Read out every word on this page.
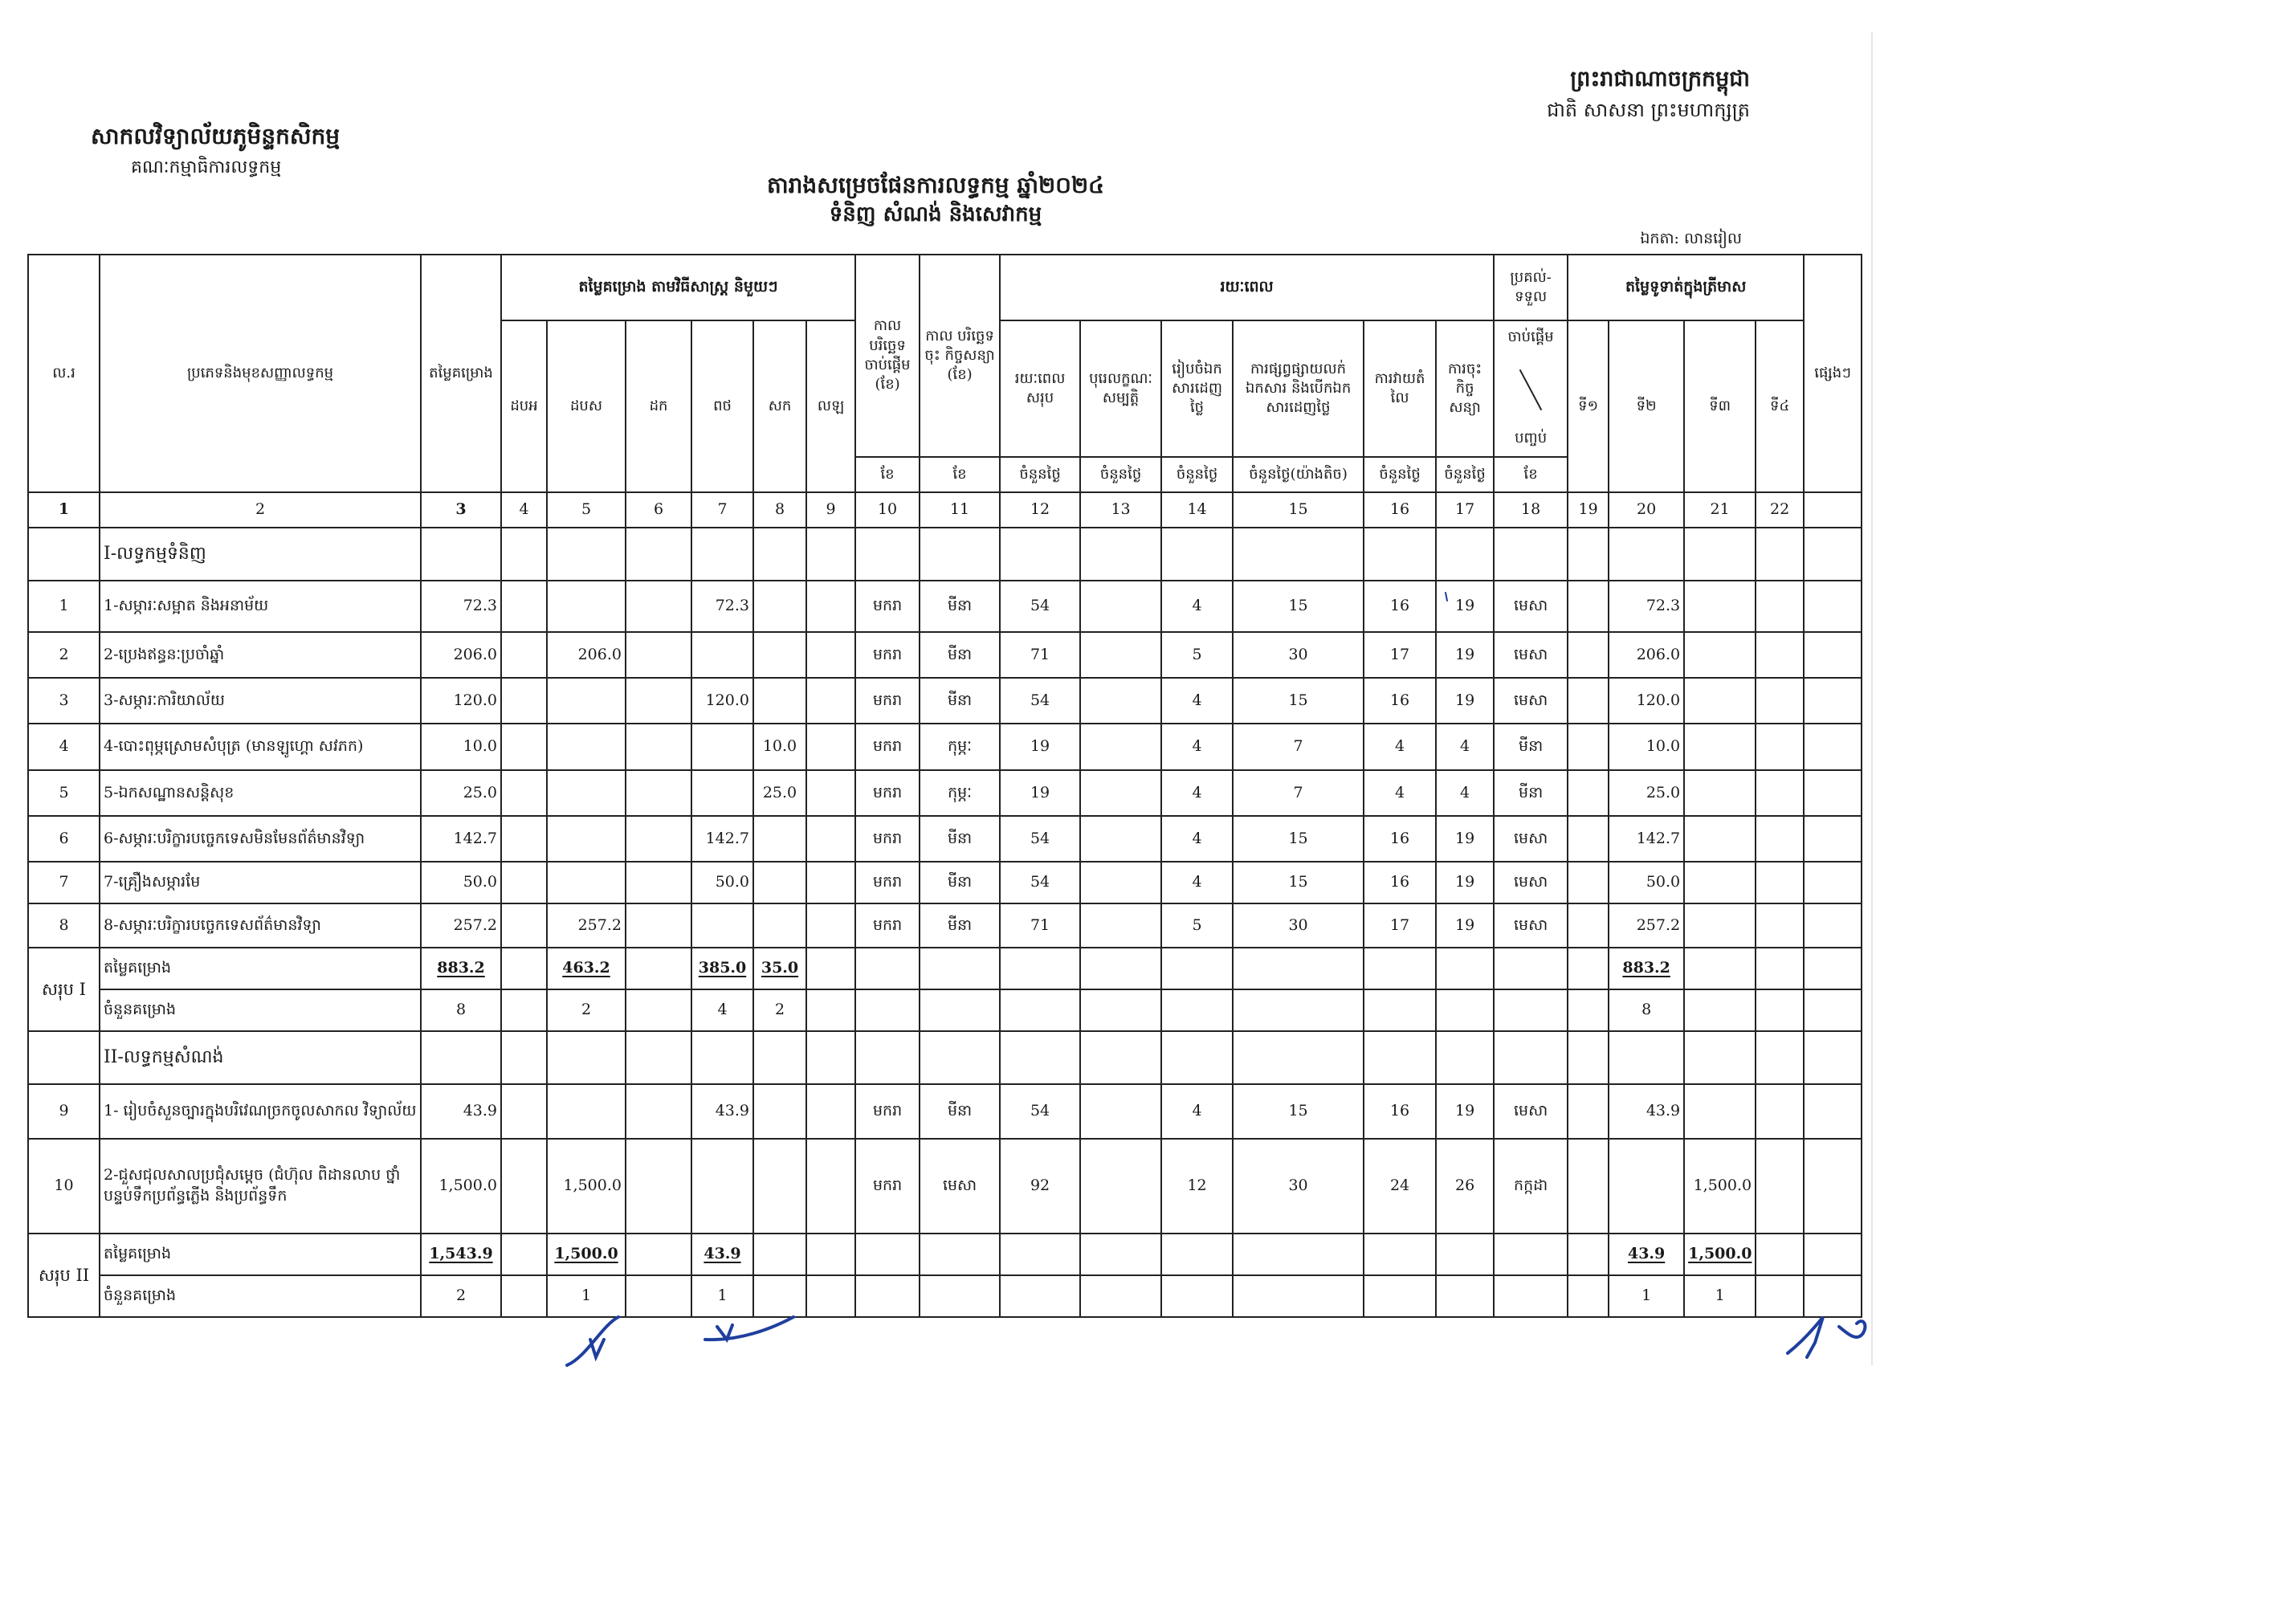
ព្រះរាជាណាចក្រកម្ពុជា
ជាតិ សាសនា ព្រះមហាក្សត្រ
សាកលវិទ្យាល័យភូមិន្ទកសិកម្ម
គណៈកម្មាធិការលទ្ធកម្ម
តារាងសម្រេចផែនការលទ្ធកម្ម ឆ្នាំ២០២៤
ទំនិញ សំណង់ និងសេវាកម្ម
ឯកតា: លានរៀល
ល.រ	ប្រភេទនិងមុខសញ្ញាលទ្ធកម្ម	តម្លៃគម្រោង	តម្លៃគម្រោង តាមវិធីសាស្ត្រ និមួយៗ						កាល បរិច្ឆេទ ចាប់ផ្តើម (ខែ)	កាល បរិច្ឆេទចុះ កិច្ចសន្យា (ខែ)	រយៈពេល						ប្រគល់- ទទួល	តម្លៃទូទាត់ក្នុងត្រីមាស				ផ្សេងៗ
			ដបអ	ដបស	ដក	ពថ	សក	លឡ			រយៈពេល សរុប	បុរេលក្ខណៈ សម្បត្តិ	រៀបចំឯក សារដេញថ្លៃ	ការផ្សព្វផ្សាយលក់ ឯកសារ និងបើកឯក សារដេញថ្លៃ	ការវាយតំ លៃ	ការចុះ កិច្ចសន្យា	ចាប់ផ្តើម
បញ្ចប់	ទី១	ទី២	ទី៣	ទី៤	
									ខែ	ខែ	ចំនួនថ្ងៃ	ចំនួនថ្ងៃ	ចំនួនថ្ងៃ	ចំនួនថ្ងៃ(យ៉ាងតិច)	ចំនួនថ្ងៃ	ចំនួនថ្ងៃ	ខែ					
1	2	3	4	5	6	7	8	9	10	11	12	13	14	15	16	17	18	19	20	21	22	
	I-លទ្ធកម្មទំនិញ																					
1	1-សម្ភារៈសម្អាត និងអនាម័យ	72.3				72.3			មករា	មីនា	54		4	15	16	19	មេសា		72.3			
2	2-ប្រេងឥន្ធនៈប្រចាំឆ្នាំ	206.0		206.0					មករា	មីនា	71		5	30	17	19	មេសា		206.0			
3	3-សម្ភារៈការិយាល័យ	120.0				120.0			មករា	មីនា	54		4	15	16	19	មេសា		120.0			
4	4-បោះពុម្ភស្រោមសំបុត្រ (មានឡូហ្គោ សវភក)	10.0					10.0		មករា	កុម្ភៈ	19		4	7	4	4	មីនា		10.0			
5	5-ឯកសណ្ឋានសន្តិសុខ	25.0					25.0		មករា	កុម្ភៈ	19		4	7	4	4	មីនា		25.0			
6	6-សម្ភារៈបរិក្ខារបច្ចេកទេសមិនមែនព័ត៌មានវិទ្យា	142.7				142.7			មករា	មីនា	54		4	15	16	19	មេសា		142.7			
7	7-គ្រឿងសម្ភារមែ	50.0				50.0			មករា	មីនា	54		4	15	16	19	មេសា		50.0			
8	8-សម្ភារៈបរិក្ខារបច្ចេកទេសព័ត៌មានវិទ្យា	257.2		257.2					មករា	មីនា	71		5	30	17	19	មេសា		257.2			
សរុប I	តម្លៃគម្រោង	883.2		463.2		385.0	35.0												883.2			
	ចំនួនគម្រោង	8		2		4	2												8			
	II-លទ្ធកម្មសំណង់																					
9	1- រៀបចំសួនច្បារក្នុងបរិវេណច្រកចូលសាកល វិទ្យាល័យ	43.9				43.9			មករា	មីនា	54		4	15	16	19	មេសា		43.9			
10	2-ជួសជុលសាលប្រជុំសម្តេច (ជំហ៊ុល ពិដានលាប ថ្នាំ បន្ទប់ទឹកប្រព័ន្ធភ្លើង និងប្រព័ន្ធទឹក	1,500.0		1,500.0					មករា	មេសា	92		12	30	24	26	កក្កដា			1,500.0		
សរុប II	តម្លៃគម្រោង	1,543.9		1,500.0		43.9													43.9	1,500.0		
	ចំនួនគម្រោង	2		1		1													1	1		
